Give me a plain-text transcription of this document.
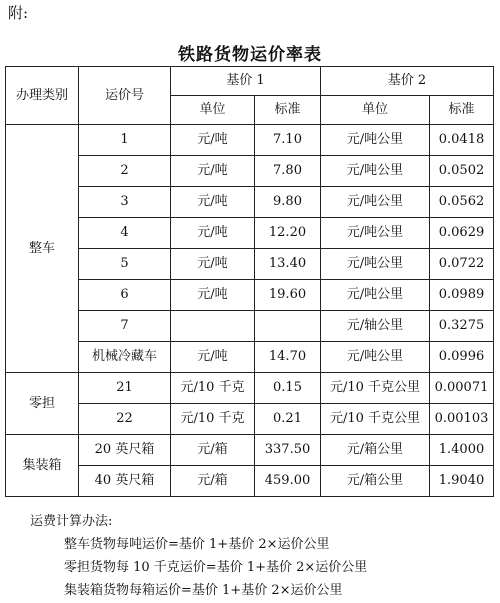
附:
铁路货物运价率表
办理类别	运价号	基价 1		基价 2	
		单位	标准	单位	标准
整车	1	元/吨	7.10	元/吨公里	0.0418
	2	元/吨	7.80	元/吨公里	0.0502
	3	元/吨	9.80	元/吨公里	0.0562
	4	元/吨	12.20	元/吨公里	0.0629
	5	元/吨	13.40	元/吨公里	0.0722
	6	元/吨	19.60	元/吨公里	0.0989
	7			元/轴公里	0.3275
	机械冷藏车	元/吨	14.70	元/吨公里	0.0996
零担	21	元/10 千克	0.15	元/10 千克公里	0.00071
	22	元/10 千克	0.21	元/10 千克公里	0.00103
集装箱	20 英尺箱	元/箱	337.50	元/箱公里	1.4000
	40 英尺箱	元/箱	459.00	元/箱公里	1.9040
运费计算办法:
整车货物每吨运价=基价 1+基价 2×运价公里
零担货物每 10 千克运价=基价 1+基价 2×运价公里
集装箱货物每箱运价=基价 1+基价 2×运价公里
